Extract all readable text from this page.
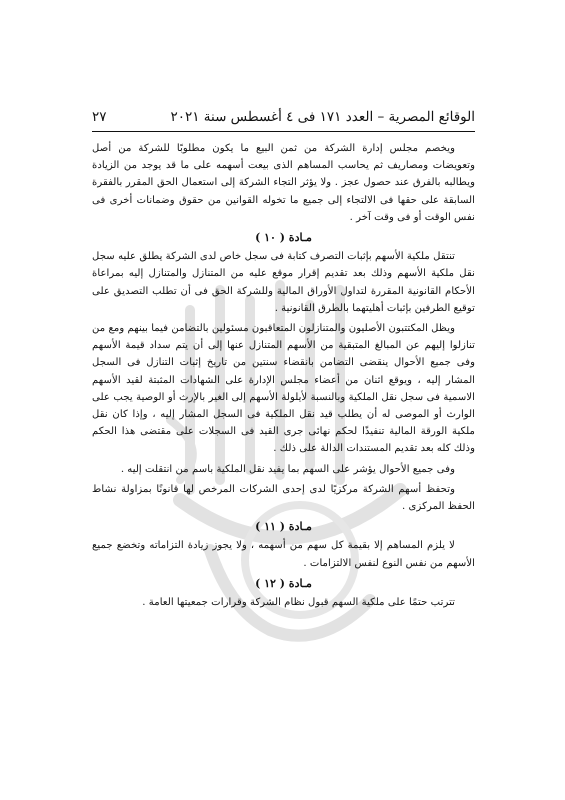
الوقائع المصرية – العدد ١٧١ فى ٤ أغسطس سنة ٢٠٢١
٢٧

ويخصم مجلس إدارة الشركة من ثمن البيع ما يكون مطلوبًا للشركة من أصل وتعويضات ومصاريف ثم يحاسب المساهم الذى بيعت أسهمه على ما قد يوجد من الزيادة ويطالبه بالفرق عند حصول عجز . ولا يؤثر التجاء الشركة إلى استعمال الحق المقرر بالفقرة السابقة على حقها فى الالتجاء إلى جميع ما تخوله القوانين من حقوق وضمانات أخرى فى نفس الوقت أو فى وقت آخر .

مـادة ( ١٠ )

تنتقل ملكية الأسهم بإثبات التصرف كتابة فى سجل خاص لدى الشركة يطلق عليه سجل نقل ملكية الأسهم وذلك بعد تقديم إقرار موقع عليه من المتنازل والمتنازل إليه بمراعاة الأحكام القانونية المقررة لتداول الأوراق المالية وللشركة الحق فى أن تطلب التصديق على توقيع الطرفين بإثبات أهليتهما بالطرق القانونية .

ويظل المكتتبون الأصليون والمتنازلون المتعاقبون مسئولين بالتضامن فيما بينهم ومع من تنازلوا إليهم عن المبالغ المتبقية من الأسهم المتنازل عنها إلى أن يتم سداد قيمة الأسهم وفى جميع الأحوال ينقضى التضامن بانقضاء سنتين من تاريخ إثبات التنازل فى السجل المشار إليه ، ويوقع اثنان من أعضاء مجلس الإدارة على الشهادات المثبتة لقيد الأسهم الاسمية فى سجل نقل الملكية وبالنسبة لأيلولة الأسهم إلى الغير بالإرث أو الوصية يجب على الوارث أو الموصى له أن يطلب قيد نقل الملكية فى السجل المشار إليه ، وإذا كان نقل ملكية الورقة المالية تنفيذًا لحكم نهائى جرى القيد فى السجلات على مقتضى هذا الحكم وذلك كله بعد تقديم المستندات الدالة على ذلك .

وفى جميع الأحوال يؤشر على السهم بما يفيد نقل الملكية باسم من انتقلت إليه .

وتحفظ أسهم الشركة مركزيًا لدى إحدى الشركات المرخص لها قانونًا بمزاولة نشاط الحفظ المركزى .

مـادة ( ١١ )

لا يلزم المساهم إلا بقيمة كل سهم من أسهمه ، ولا يجوز زيادة التزاماته وتخضع جميع الأسهم من نفس النوع لنفس الالتزامات .

مـادة ( ١٢ )

تترتب حتمًا على ملكية السهم قبول نظام الشركة وقرارات جمعيتها العامة .
